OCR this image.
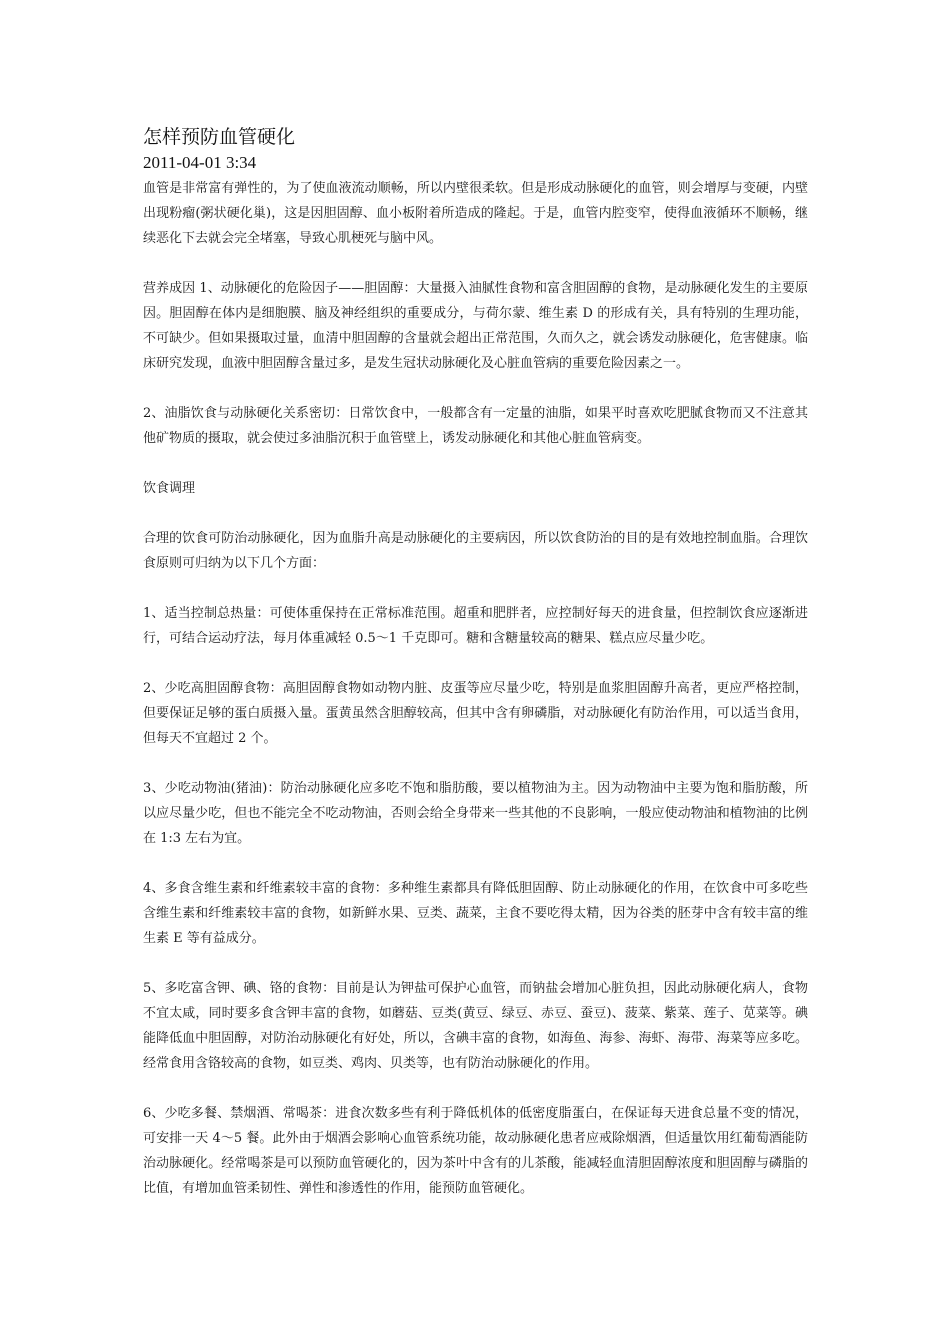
怎样预防血管硬化

2011-04-01 3:34

血管是非常富有弹性的，为了使血液流动顺畅，所以内壁很柔软。但是形成动脉硬化的血管，则会增厚与变硬，内壁出现粉瘤(粥状硬化巢)，这是因胆固醇、血小板附着所造成的隆起。于是，血管内腔变窄，使得血液循环不顺畅，继续恶化下去就会完全堵塞，导致心肌梗死与脑中风。

营养成因 1、动脉硬化的危险因子——胆固醇：大量摄入油腻性食物和富含胆固醇的食物，是动脉硬化发生的主要原因。胆固醇在体内是细胞膜、脑及神经组织的重要成分，与荷尔蒙、维生素 D 的形成有关，具有特别的生理功能，不可缺少。但如果摄取过量，血清中胆固醇的含量就会超出正常范围，久而久之，就会诱发动脉硬化，危害健康。临床研究发现，血液中胆固醇含量过多，是发生冠状动脉硬化及心脏血管病的重要危险因素之一。

2、油脂饮食与动脉硬化关系密切：日常饮食中，一般都含有一定量的油脂，如果平时喜欢吃肥腻食物而又不注意其他矿物质的摄取，就会使过多油脂沉积于血管壁上，诱发动脉硬化和其他心脏血管病变。

饮食调理

合理的饮食可防治动脉硬化，因为血脂升高是动脉硬化的主要病因，所以饮食防治的目的是有效地控制血脂。合理饮食原则可归纳为以下几个方面：

1、适当控制总热量：可使体重保持在正常标准范围。超重和肥胖者，应控制好每天的进食量，但控制饮食应逐渐进行，可结合运动疗法，每月体重减轻 0.5～1 千克即可。糖和含糖量较高的糖果、糕点应尽量少吃。

2、少吃高胆固醇食物：高胆固醇食物如动物内脏、皮蛋等应尽量少吃，特别是血浆胆固醇升高者，更应严格控制，但要保证足够的蛋白质摄入量。蛋黄虽然含胆醇较高，但其中含有卵磷脂，对动脉硬化有防治作用，可以适当食用，但每天不宜超过 2 个。

3、少吃动物油(猪油)：防治动脉硬化应多吃不饱和脂肪酸，要以植物油为主。因为动物油中主要为饱和脂肪酸，所以应尽量少吃，但也不能完全不吃动物油，否则会给全身带来一些其他的不良影响，一般应使动物油和植物油的比例在 1:3 左右为宜。

4、多食含维生素和纤维素较丰富的食物：多种维生素都具有降低胆固醇、防止动脉硬化的作用，在饮食中可多吃些含维生素和纤维素较丰富的食物，如新鲜水果、豆类、蔬菜，主食不要吃得太精，因为谷类的胚芽中含有较丰富的维生素 E 等有益成分。

5、多吃富含钾、碘、铬的食物：目前是认为钾盐可保护心血管，而钠盐会增加心脏负担，因此动脉硬化病人，食物不宜太咸，同时要多食含钾丰富的食物，如蘑菇、豆类(黄豆、绿豆、赤豆、蚕豆)、菠菜、紫菜、莲子、苋菜等。碘能降低血中胆固醇，对防治动脉硬化有好处，所以，含碘丰富的食物，如海鱼、海参、海虾、海带、海菜等应多吃。经常食用含铬较高的食物，如豆类、鸡肉、贝类等，也有防治动脉硬化的作用。

6、少吃多餐、禁烟酒、常喝茶：进食次数多些有利于降低机体的低密度脂蛋白，在保证每天进食总量不变的情况，可安排一天 4～5 餐。此外由于烟酒会影响心血管系统功能，故动脉硬化患者应戒除烟酒，但适量饮用红葡萄酒能防治动脉硬化。经常喝茶是可以预防血管硬化的，因为茶叶中含有的儿茶酸，能减轻血清胆固醇浓度和胆固醇与磷脂的比值，有增加血管柔韧性、弹性和渗透性的作用，能预防血管硬化。
